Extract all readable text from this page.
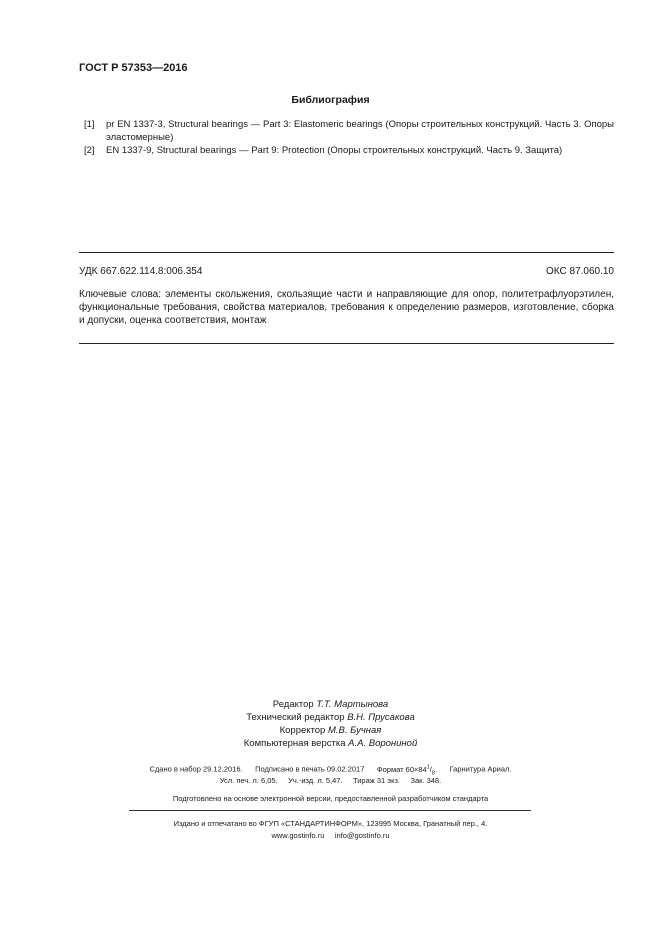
ГОСТ Р 57353—2016
Библиография
[1] pr EN 1337-3, Structural bearings — Part 3: Elastomeric bearings (Опоры строительных конструкций. Часть 3. Опоры эластомерные)
[2] EN 1337-9, Structural bearings — Part 9: Protection (Опоры строительных конструкций. Часть 9. Защита)
УДК 667.622.114.8:006.354	ОКС 87.060.10
Ключевые слова: элементы скольжения, скользящие части и направляющие для опор, политетрафлуорэтилен, функциональные требования, свойства материалов, требования к определению размеров, изготовление, сборка и допуски, оценка соответствия, монтаж
Редактор Т.Т. Мартынова
Технический редактор В.Н. Прусакова
Корректор М.В. Бучная
Компьютерная верстка А.А. Ворониной
Сдано в набор 29.12.2016. Подписано в печать 09.02.2017 Формат $60\times 84^1/_8$. Гарнитура Ариал.
Усл. печ. л. 6,05. Уч.-изд. л. 5,47. Тираж 31 экз. Зак. 348.
Подготовлено на основе электронной версии, предоставленной разработчиком стандарта
Издано и отпечатано во ФГУП «СТАНДАРТИНФОРМ», 123995 Москва, Гранатный пер., 4.
www.gostinfo.ru info@gostinfo.ru
